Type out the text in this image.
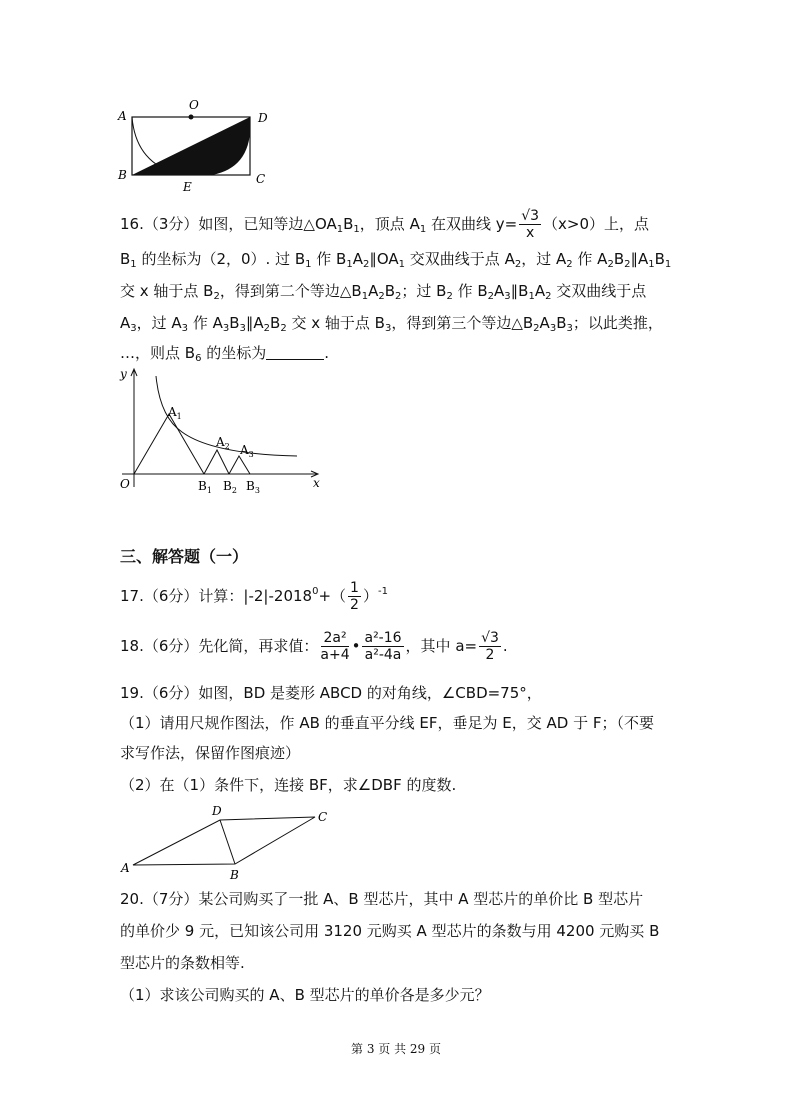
A
O
D
B
E
C
16.（3分）如图，已知等边$\triangle OA_1B_1$，顶点 $A_1$ 在双曲线 $y= \frac{√3}{x} (x>0)$上，点
$B_1$ 的坐标为（2，0）. 过 $B_1$ 作 $B_1A_2\parallel OA_1$ 交双曲线于点 $A_2$，过 $A_2$ 作 $A_2B_2\parallel A_1B_1$
交 x 轴于点 $B_2$，得到第二个等边$\triangle B_1A_2B_2$；过 $B_2$ 作 $B_2A_3\parallel B_1A_2$ 交双曲线于点
$A_3$，过 $A_3$ 作 $A_3B_3\parallel A_2B_2$ 交 x 轴于点 $B_3$，得到第三个等边$\triangle B_2A_3B_3$；以此类推，
…，则点 $B_6$ 的坐标为	.
y
x
O
$A_1$
$A_2$ $A_3$
$B_1$ $B_2$ $B_3$
三、解答题（一）
17.（6分）计算：$|-2|-2018^0+( \frac{1}{2} )^{-1}$
18.（6分）先化简，再求值： $\frac{\text{2a²}}{a+4}$ • $\frac{\text{a²-16}}{\text{a²-4a}}$ ，其中 $a= \frac{√3}{2}$ .
19.（6分）如图，BD 是菱形 ABCD 的对角线，∠CBD=75°，
（1）请用尺规作图法，作 AB 的垂直平分线 EF，垂足为 E，交 AD 于 F；（不要
求写作法，保留作图痕迹）
（2）在（1）条件下，连接 BF，求∠DBF 的度数.
A	B
C
D
20.（7分）某公司购买了一批 A、B 型芯片，其中 A 型芯片的单价比 B 型芯片
的单价少 9 元，已知该公司用 3120 元购买 A 型芯片的条数与用 4200 元购买 B
型芯片的条数相等.
（1）求该公司购买的 A、B 型芯片的单价各是多少元？
第 3 页 共 29 页
